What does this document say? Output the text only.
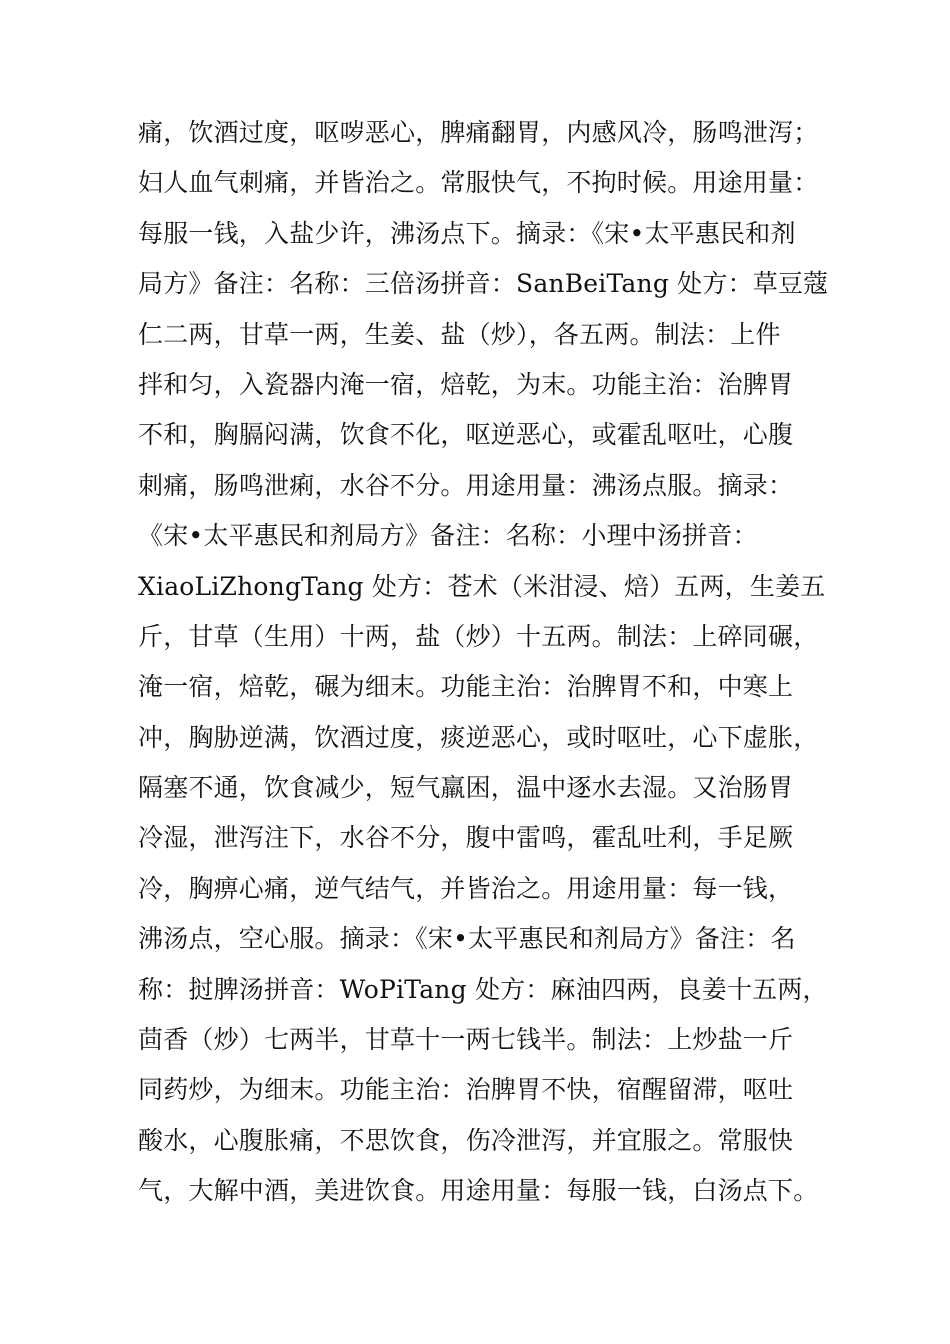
痛，饮酒过度，呕哕恶心，脾痛翻胃，内感风冷，肠鸣泄泻；
妇人血气刺痛，并皆治之。常服快气，不拘时候。用途用量：
每服一钱，入盐少许，沸汤点下。摘录：《宋•太平惠民和剂
局方》备注：名称：三倍汤拼音：SanBeiTang 处方：草豆蔻
仁二两，甘草一两，生姜、盐（炒），各五两。制法：上件
拌和匀，入瓷器内淹一宿，焙乾，为末。功能主治：治脾胃
不和，胸膈闷满，饮食不化，呕逆恶心，或霍乱呕吐，心腹
刺痛，肠鸣泄痢，水谷不分。用途用量：沸汤点服。摘录：
《宋•太平惠民和剂局方》备注：名称：小理中汤拼音：
XiaoLiZhongTang 处方：苍术（米泔浸、焙）五两，生姜五
斤，甘草（生用）十两，盐（炒）十五两。制法：上碎同碾，
淹一宿，焙乾，碾为细末。功能主治：治脾胃不和，中寒上
冲，胸胁逆满，饮酒过度，痰逆恶心，或时呕吐，心下虚胀，
隔塞不通，饮食减少，短气羸困，温中逐水去湿。又治肠胃
冷湿，泄泻注下，水谷不分，腹中雷鸣，霍乱吐利，手足厥
冷，胸痹心痛，逆气结气，并皆治之。用途用量：每一钱，
沸汤点，空心服。摘录：《宋•太平惠民和剂局方》备注：名
称：挝脾汤拼音：WoPiTang 处方：麻油四两，良姜十五两，
茴香（炒）七两半，甘草十一两七钱半。制法：上炒盐一斤
同药炒，为细末。功能主治：治脾胃不快，宿醒留滞，呕吐
酸水，心腹胀痛，不思饮食，伤冷泄泻，并宜服之。常服快
气，大解中酒，美进饮食。用途用量：每服一钱，白汤点下。
